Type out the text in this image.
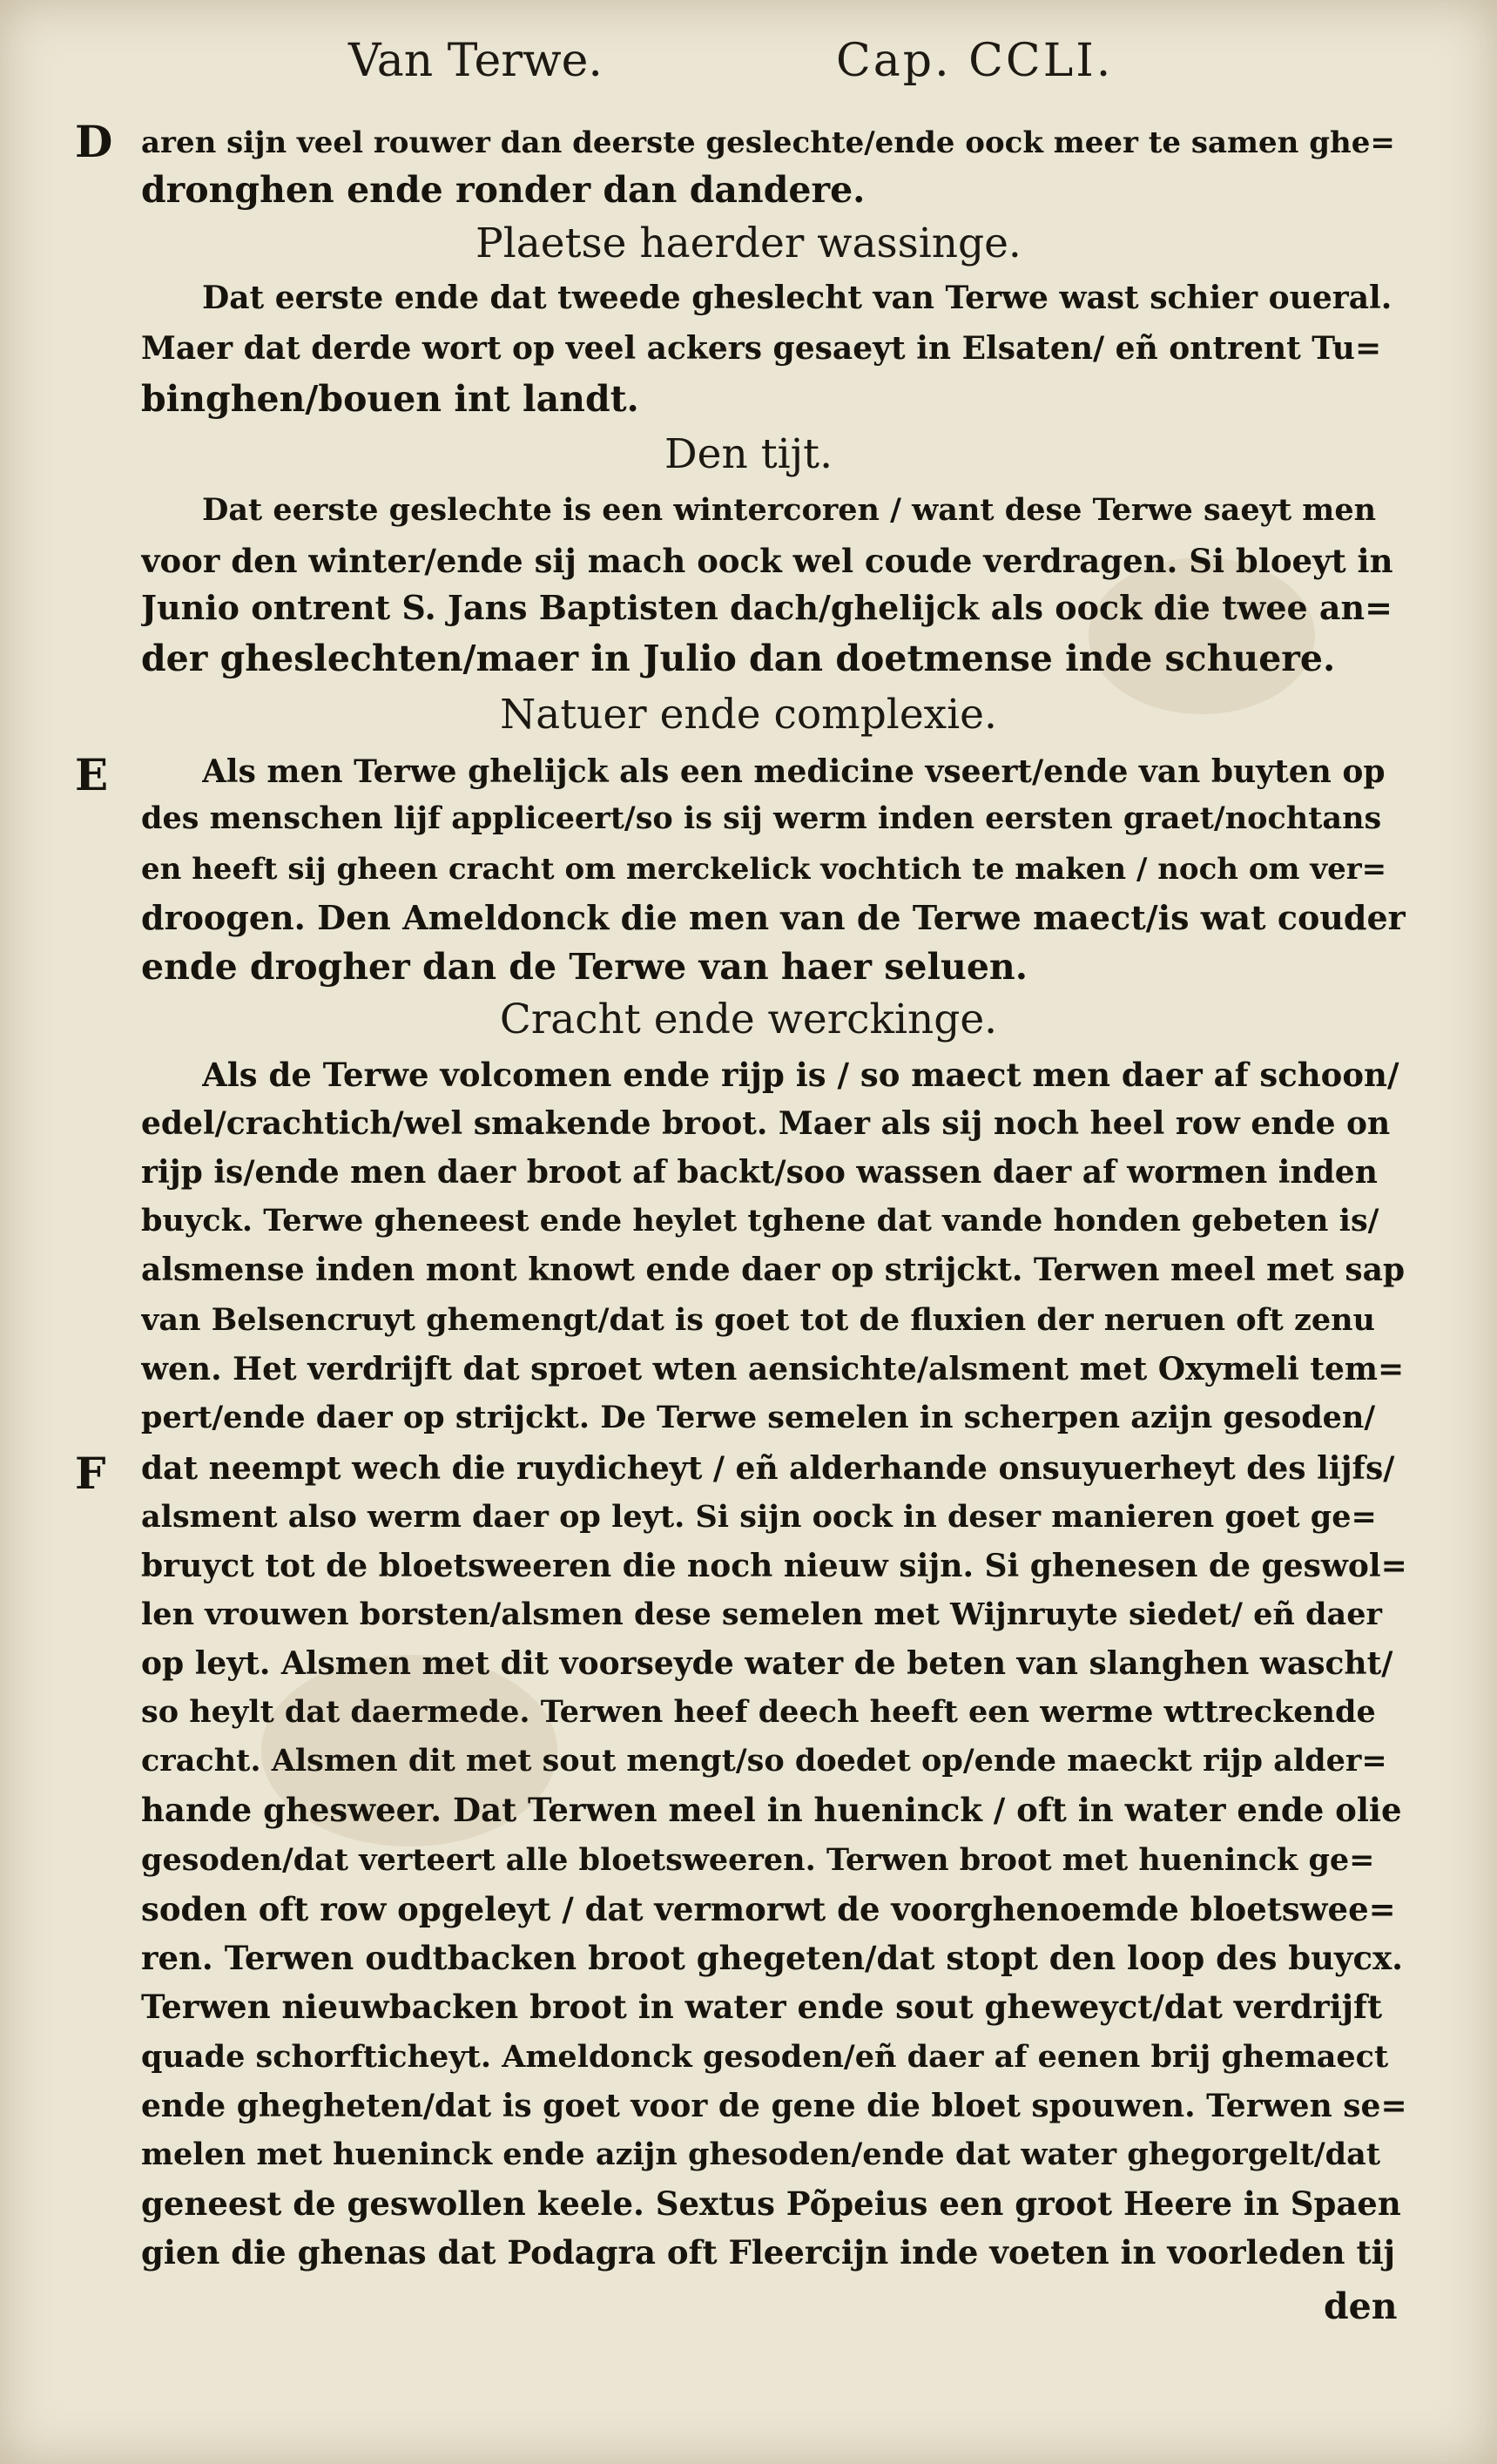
Van Terwe.	Cap. CCLI.
D
E
F
Plaetse haerder wassinge.
Den tijt.
Natuer ende complexie.
Cracht ende werckinge.
aren sijn veel rouwer dan deerste geslechte/ende oock meer te samen ghe=
dronghen ende ronder dan dandere.
Dat eerste ende dat tweede gheslecht van Terwe wast schier oueral.
Maer dat derde wort op veel ackers gesaeyt in Elsaten/ eñ ontrent Tu=
binghen/bouen int landt.
Dat eerste geslechte is een wintercoren / want dese Terwe saeyt men
voor den winter/ende sij mach oock wel coude verdragen. Si bloeyt in
Junio ontrent S. Jans Baptisten dach/ghelijck als oock die twee an=
der gheslechten/maer in Julio dan doetmense inde schuere.
Als men Terwe ghelijck als een medicine vseert/ende van buyten op
des menschen lijf appliceert/so is sij werm inden eersten graet/nochtans
en heeft sij gheen cracht om merckelick vochtich te maken / noch om ver=
droogen. Den Ameldonck die men van de Terwe maect/is wat couder
ende drogher dan de Terwe van haer seluen.
Als de Terwe volcomen ende rijp is / so maect men daer af schoon/
edel/crachtich/wel smakende broot. Maer als sij noch heel row ende on
rijp is/ende men daer broot af backt/soo wassen daer af wormen inden
buyck. Terwe gheneest ende heylet tghene dat vande honden gebeten is/
alsmense inden mont knowt ende daer op strijckt. Terwen meel met sap
van Belsencruyt ghemengt/dat is goet tot de fluxien der neruen oft zenu
wen. Het verdrijft dat sproet wten aensichte/alsment met Oxymeli tem=
pert/ende daer op strijckt. De Terwe semelen in scherpen azijn gesoden/
dat neempt wech die ruydicheyt / eñ alderhande onsuyuerheyt des lijfs/
alsment also werm daer op leyt. Si sijn oock in deser manieren goet ge=
bruyct tot de bloetsweeren die noch nieuw sijn. Si ghenesen de geswol=
len vrouwen borsten/alsmen dese semelen met Wijnruyte siedet/ eñ daer
op leyt. Alsmen met dit voorseyde water de beten van slanghen wascht/
so heylt dat daermede. Terwen heef deech heeft een werme wttreckende
cracht. Alsmen dit met sout mengt/so doedet op/ende maeckt rijp alder=
hande ghesweer. Dat Terwen meel in hueninck / oft in water ende olie
gesoden/dat verteert alle bloetsweeren. Terwen broot met hueninck ge=
soden oft row opgeleyt / dat vermorwt de voorghenoemde bloetswee=
ren. Terwen oudtbacken broot ghegeten/dat stopt den loop des buycx.
Terwen nieuwbacken broot in water ende sout gheweyct/dat verdrijft
quade schorfticheyt. Ameldonck gesoden/eñ daer af eenen brij ghemaect
ende ghegheten/dat is goet voor de gene die bloet spouwen. Terwen se=
melen met hueninck ende azijn ghesoden/ende dat water ghegorgelt/dat
geneest de geswollen keele. Sextus Põpeius een groot Heere in Spaen
gien die ghenas dat Podagra oft Fleercijn inde voeten in voorleden tij
den
